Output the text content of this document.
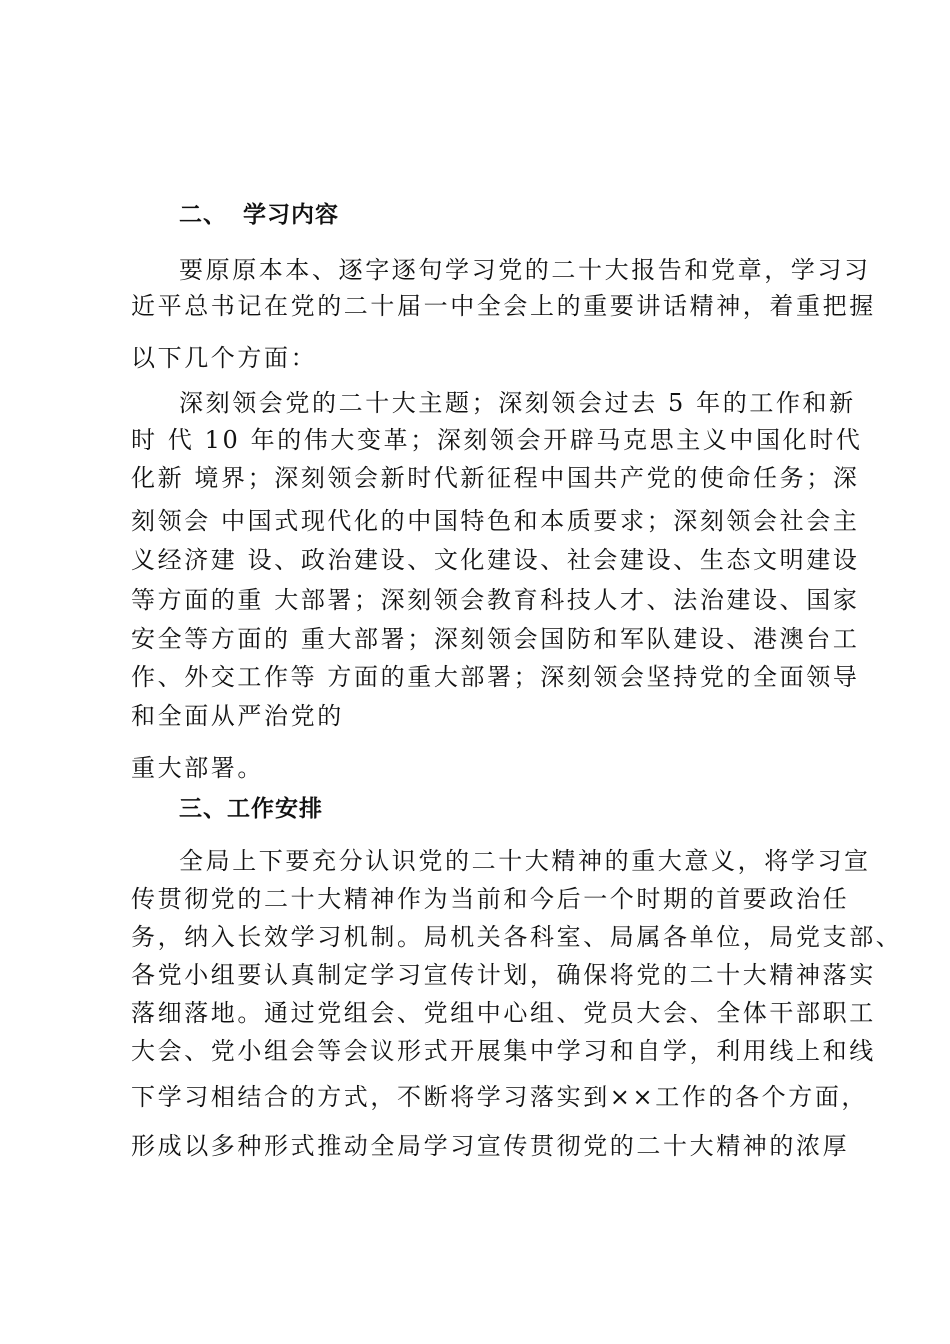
二、 学习内容
要原原本本、逐字逐句学习党的二十大报告和党章，学习习
近平总书记在党的二十届一中全会上的重要讲话精神，着重把握
以下几个方面：
深刻领会党的二十大主题；深刻领会过去 5 年的工作和新
时 代 10 年的伟大变革；深刻领会开辟马克思主义中国化时代
化新 境界；深刻领会新时代新征程中国共产党的使命任务；深
刻领会 中国式现代化的中国特色和本质要求；深刻领会社会主
义经济建 设、政治建设、文化建设、社会建设、生态文明建设
等方面的重 大部署；深刻领会教育科技人才、法治建设、国家
安全等方面的 重大部署；深刻领会国防和军队建设、港澳台工
作、外交工作等 方面的重大部署；深刻领会坚持党的全面领导
和全面从严治党的
重大部署。
三、工作安排
全局上下要充分认识党的二十大精神的重大意义，将学习宣
传贯彻党的二十大精神作为当前和今后一个时期的首要政治任
务，纳入长效学习机制。局机关各科室、局属各单位，局党支部、
各党小组要认真制定学习宣传计划，确保将党的二十大精神落实
落细落地。通过党组会、党组中心组、党员大会、全体干部职工
大会、党小组会等会议形式开展集中学习和自学，利用线上和线
下学习相结合的方式，不断将学习落实到××工作的各个方面，
形成以多种形式推动全局学习宣传贯彻党的二十大精神的浓厚
